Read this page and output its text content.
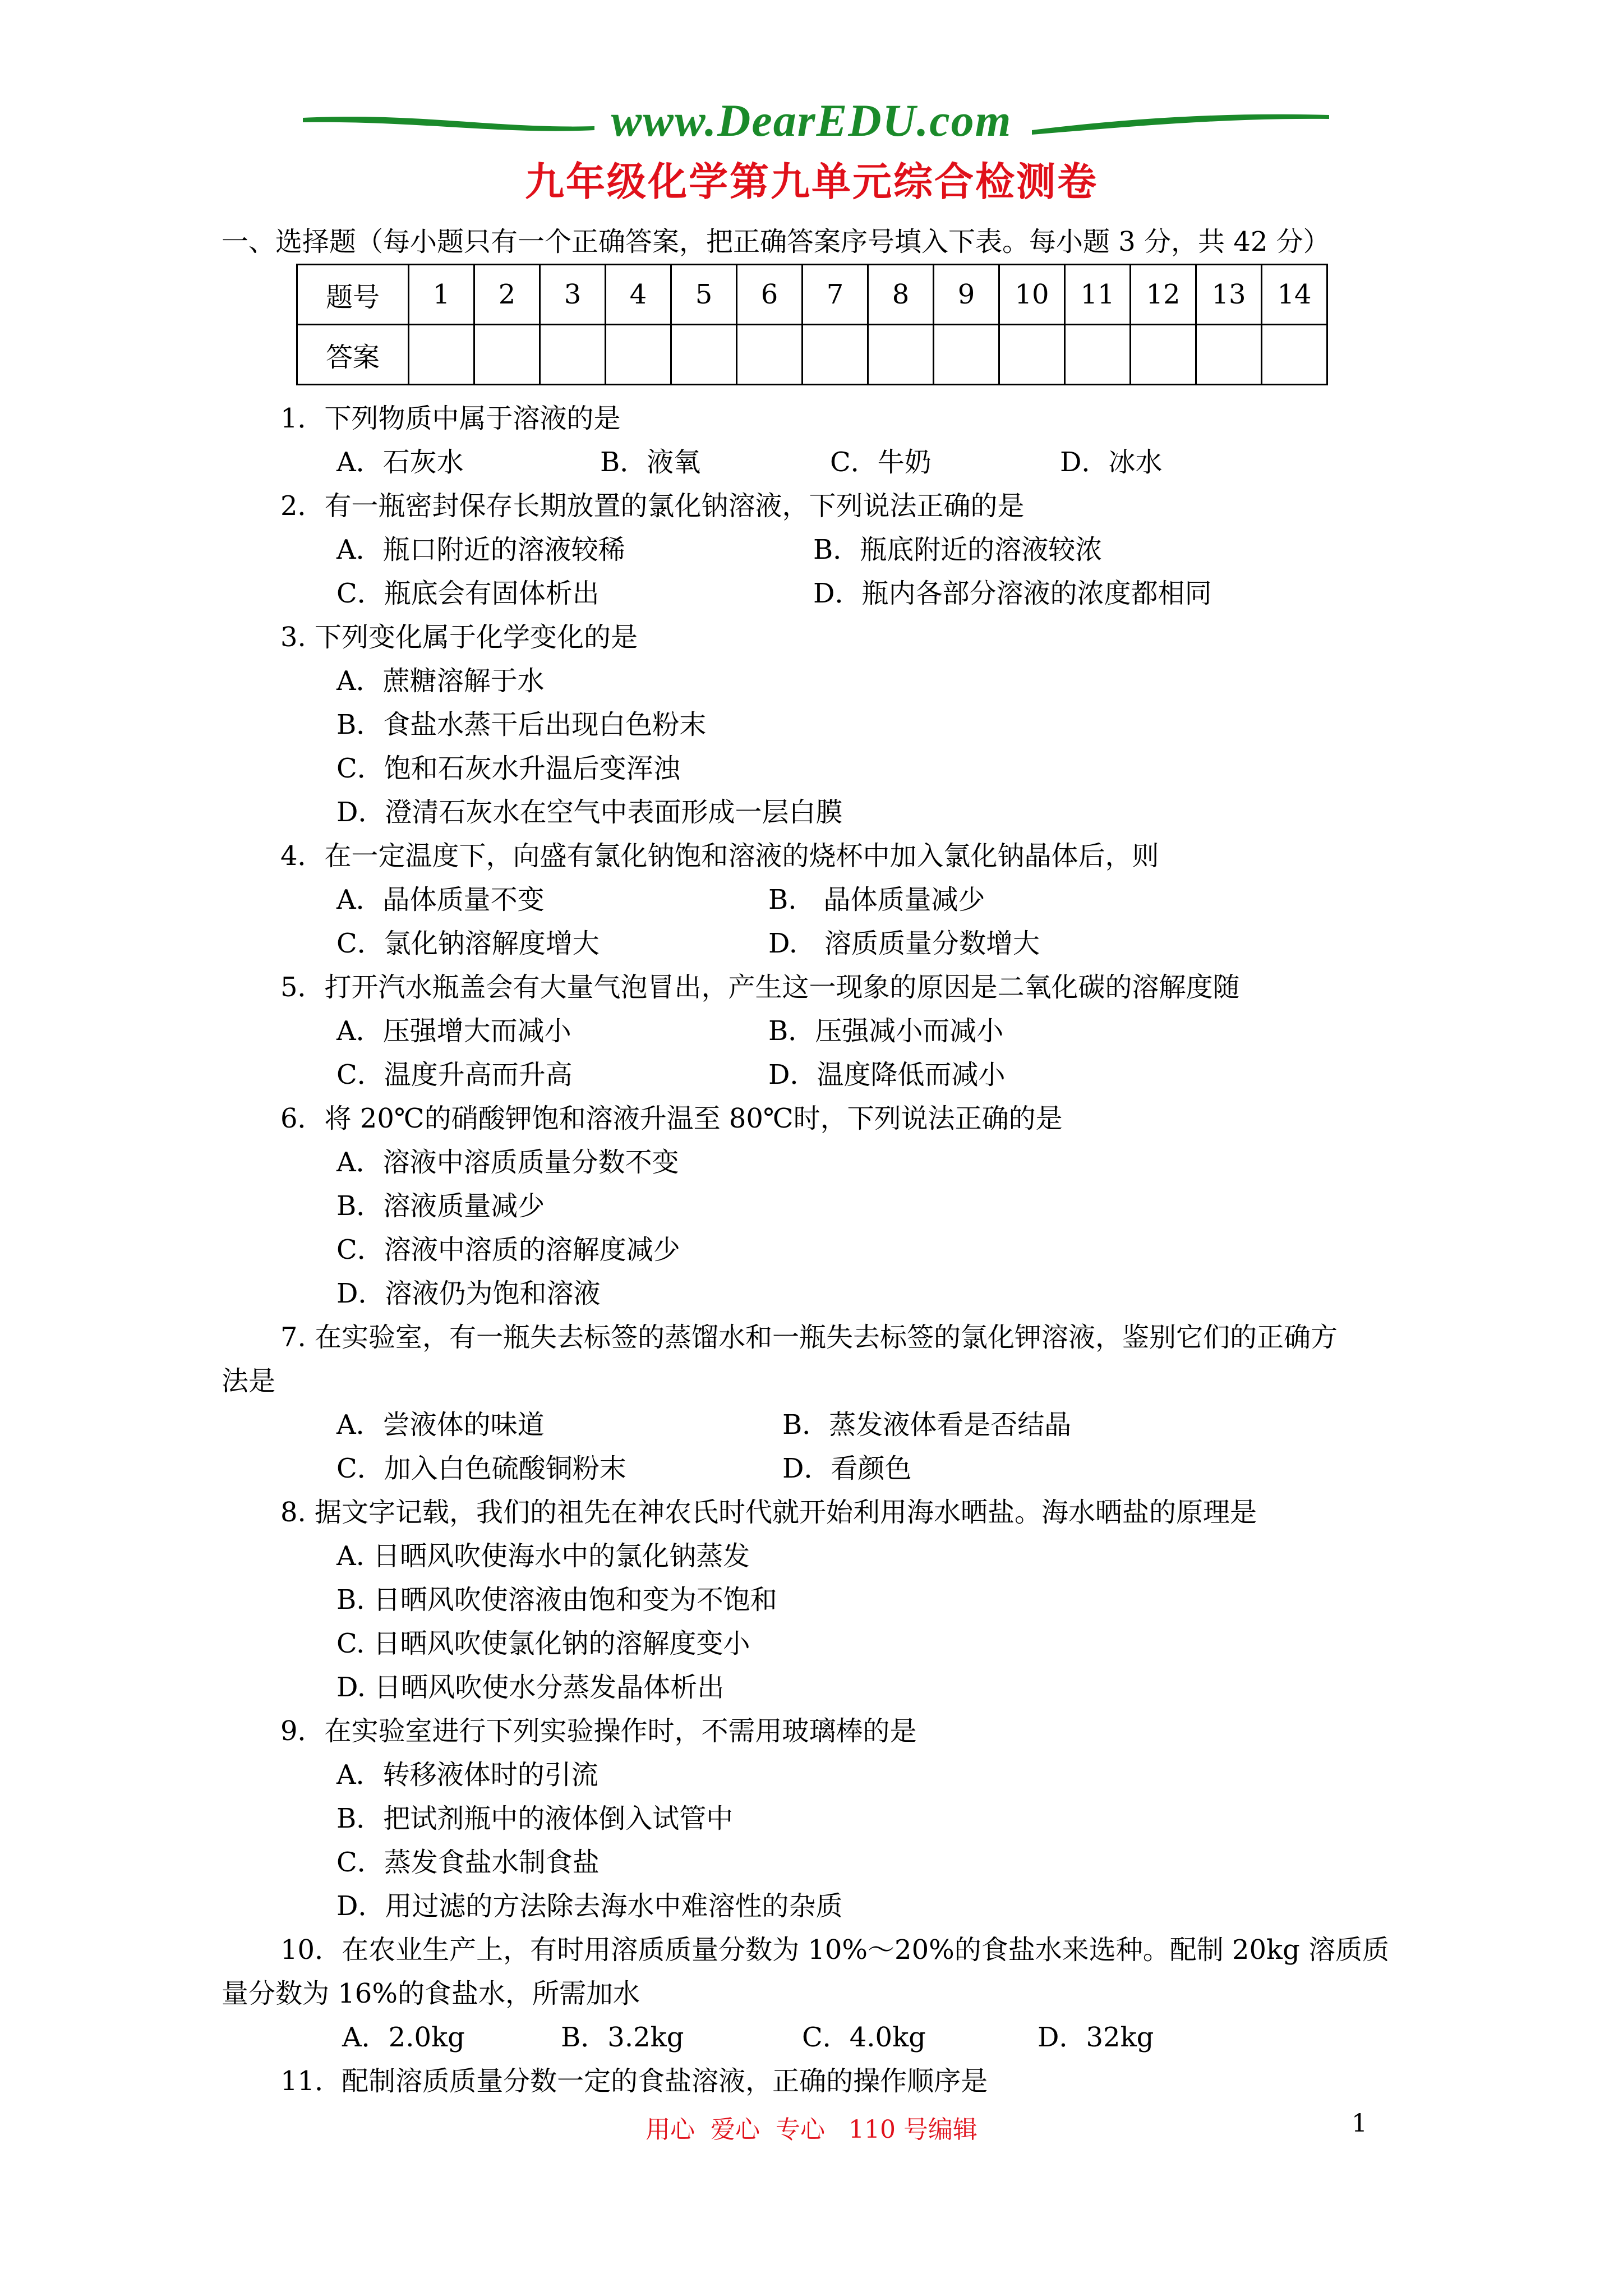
www.DearEDU.com
九年级化学第九单元综合检测卷
一、选择题（每小题只有一个正确答案，把正确答案序号填入下表。每小题 3 分，共 42 分）
题号	1	2	3	4	5	6	7	8	9	10	11	12	13	14
答案														
1．下列物质中属于溶液的是
A．石灰水	B．液氧	C．牛奶	D．冰水
2．有一瓶密封保存长期放置的氯化钠溶液，下列说法正确的是
A．瓶口附近的溶液较稀	B．瓶底附近的溶液较浓
C．瓶底会有固体析出	D．瓶内各部分溶液的浓度都相同
3. 下列变化属于化学变化的是
A．蔗糖溶解于水
B．食盐水蒸干后出现白色粉末
C．饱和石灰水升温后变浑浊
D．澄清石灰水在空气中表面形成一层白膜
4．在一定温度下，向盛有氯化钠饱和溶液的烧杯中加入氯化钠晶体后，则
A．晶体质量不变	B.　晶体质量减少
C．氯化钠溶解度增大	D.　溶质质量分数增大
5．打开汽水瓶盖会有大量气泡冒出，产生这一现象的原因是二氧化碳的溶解度随
A．压强增大而减小	B．压强减小而减小
C．温度升高而升高	D．温度降低而减小
6．将 20℃的硝酸钾饱和溶液升温至 80℃时，下列说法正确的是
A．溶液中溶质质量分数不变
B．溶液质量减少
C．溶液中溶质的溶解度减少
D．溶液仍为饱和溶液
7. 在实验室，有一瓶失去标签的蒸馏水和一瓶失去标签的氯化钾溶液，鉴别它们的正确方
法是
A．尝液体的味道	B．蒸发液体看是否结晶
C．加入白色硫酸铜粉末	D．看颜色
8. 据文字记载，我们的祖先在神农氏时代就开始利用海水晒盐。海水晒盐的原理是
A. 日晒风吹使海水中的氯化钠蒸发
B. 日晒风吹使溶液由饱和变为不饱和
C. 日晒风吹使氯化钠的溶解度变小
D. 日晒风吹使水分蒸发晶体析出
9．在实验室进行下列实验操作时，不需用玻璃棒的是
A．转移液体时的引流
B．把试剂瓶中的液体倒入试管中
C．蒸发食盐水制食盐
D．用过滤的方法除去海水中难溶性的杂质
10．在农业生产上，有时用溶质质量分数为 10%～20%的食盐水来选种。配制 20kg 溶质质
量分数为 16%的食盐水，所需加水
A．2.0kg	B．3.2kg	C．4.0kg	D．32kg
11．配制溶质质量分数一定的食盐溶液，正确的操作顺序是
用心  爱心  专心   110 号编辑	1
